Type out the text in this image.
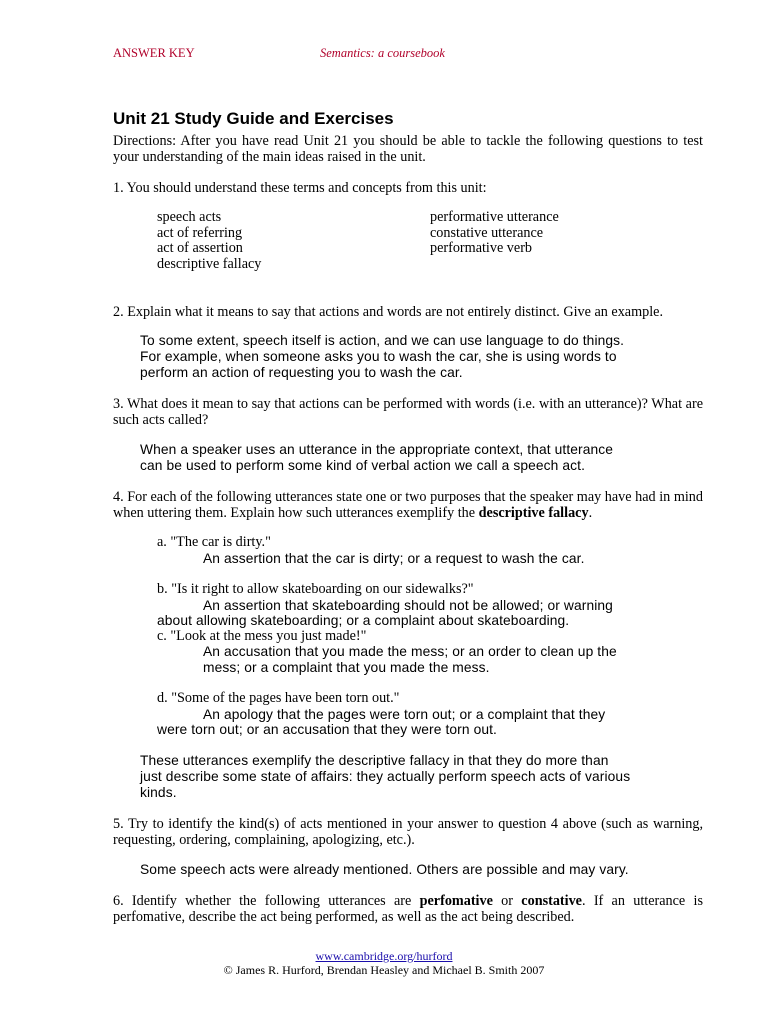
ANSWER KEY	Semantics: a coursebook
Unit 21 Study Guide and Exercises
Directions: After you have read Unit 21 you should be able to tackle the following questions to test your understanding of the main ideas raised in the unit.
1. You should understand these terms and concepts from this unit:
speech acts
act of referring
act of assertion
descriptive fallacy
performative utterance
constative utterance
performative verb
2. Explain what it means to say that actions and words are not entirely distinct. Give an example.
To some extent, speech itself is action, and we can use language to do things.
For example, when someone asks you to wash the car, she is using words to
perform an action of requesting you to wash the car.
3. What does it mean to say that actions can be performed with words (i.e. with an utterance)? What are such acts called?
When a speaker uses an utterance in the appropriate context, that utterance
can be used to perform some kind of verbal action we call a speech act.
4. For each of the following utterances state one or two purposes that the speaker may have had in mind when uttering them. Explain how such utterances exemplify the descriptive fallacy.
a. "The car is dirty."
An assertion that the car is dirty; or a request to wash the car.
b. "Is it right to allow skateboarding on our sidewalks?"
An assertion that skateboarding should not be allowed; or warning
about allowing skateboarding; or a complaint about skateboarding.
c. "Look at the mess you just made!"
An accusation that you made the mess; or an order to clean up the
mess; or a complaint that you made the mess.
d. "Some of the pages have been torn out."
An apology that the pages were torn out; or a complaint that they
were torn out; or an accusation that they were torn out.
These utterances exemplify the descriptive fallacy in that they do more than
just describe some state of affairs: they actually perform speech acts of various
kinds.
5. Try to identify the kind(s) of acts mentioned in your answer to question 4 above (such as warning, requesting, ordering, complaining, apologizing, etc.).
Some speech acts were already mentioned. Others are possible and may vary.
6. Identify whether the following utterances are perfomative or constative. If an utterance is perfomative, describe the act being performed, as well as the act being described.
www.cambridge.org/hurford
© James R. Hurford, Brendan Heasley and Michael B. Smith 2007
